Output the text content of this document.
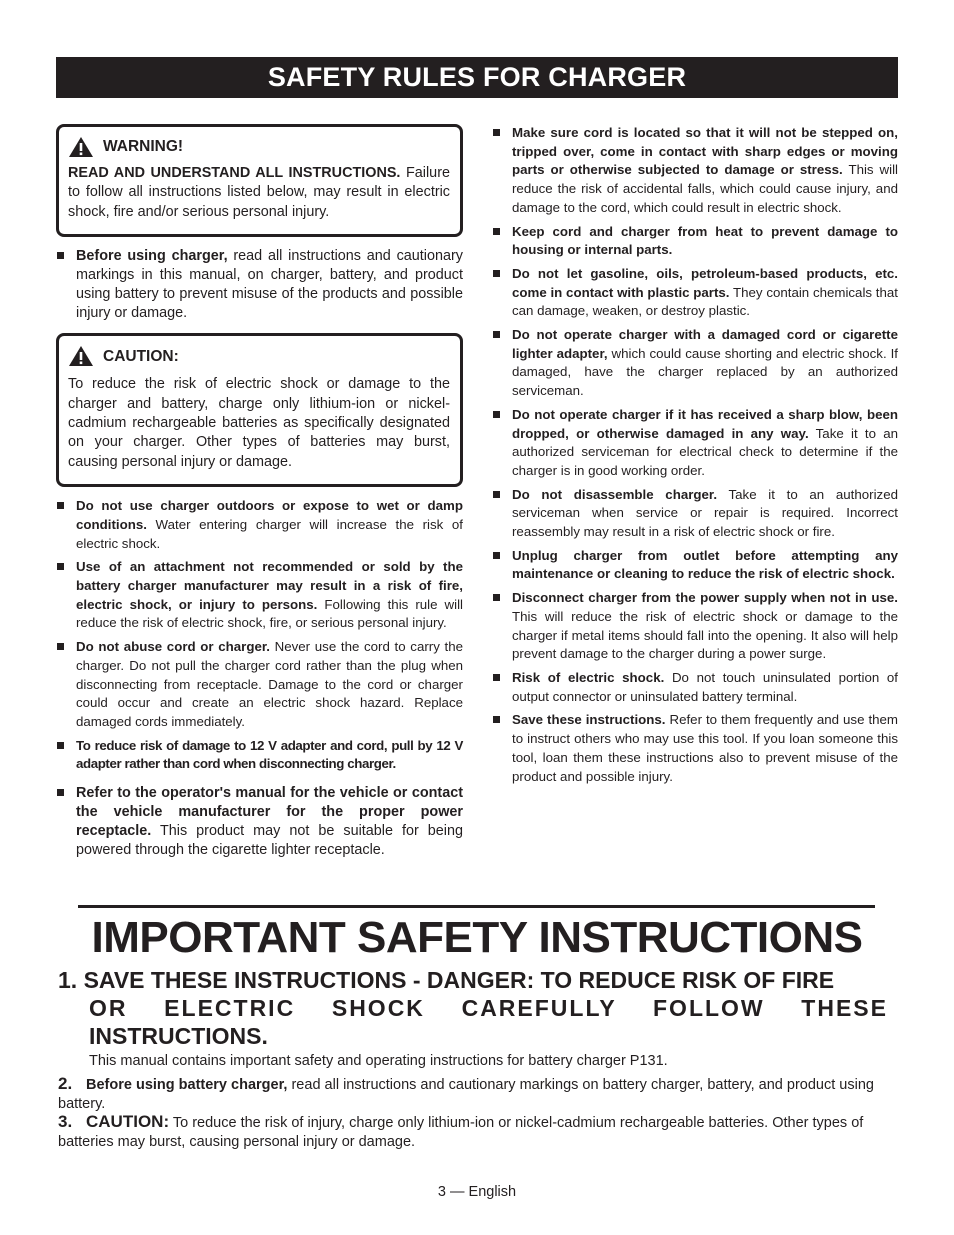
SAFETY RULES FOR CHARGER
WARNING!

READ AND UNDERSTAND ALL INSTRUCTIONS. Failure to follow all instructions listed below, may result in electric shock, fire and/or serious personal injury.

Before using charger, read all instructions and cautionary markings in this manual, on charger, battery, and product using battery to prevent misuse of the products and possible injury or damage.
CAUTION:

To reduce the risk of electric shock or damage to the charger and battery, charge only lithium-ion or nickel-cadmium rechargeable batteries as specifically designated on your charger. Other types of batteries may burst, causing personal injury or damage.

Do not use charger outdoors or expose to wet or damp conditions. Water entering charger will increase the risk of electric shock.
Use of an attachment not recommended or sold by the battery charger manufacturer may result in a risk of fire, electric shock, or injury to persons. Following this rule will reduce the risk of electric shock, fire, or serious personal injury.
Do not abuse cord or charger. Never use the cord to carry the charger. Do not pull the charger cord rather than the plug when disconnecting from receptacle. Damage to the cord or charger could occur and create an electric shock hazard. Replace damaged cords immediately.
To reduce risk of damage to 12 V adapter and cord, pull by 12 V adapter rather than cord when disconnecting charger.
Refer to the operator's manual for the vehicle or contact the vehicle manufacturer for the proper power receptacle. This product may not be suitable for being powered through the cigarette lighter receptacle.
Make sure cord is located so that it will not be stepped on, tripped over, come in contact with sharp edges or moving parts or otherwise subjected to damage or stress. This will reduce the risk of accidental falls, which could cause injury, and damage to the cord, which could result in electric shock.
Keep cord and charger from heat to prevent damage to housing or internal parts.
Do not let gasoline, oils, petroleum-based products, etc. come in contact with plastic parts. They contain chemicals that can damage, weaken, or destroy plastic.
Do not operate charger with a damaged cord or cigarette lighter adapter, which could cause shorting and electric shock. If damaged, have the charger replaced by an authorized serviceman.
Do not operate charger if it has received a sharp blow, been dropped, or otherwise damaged in any way. Take it to an authorized serviceman for electrical check to determine if the charger is in good working order.
Do not disassemble charger. Take it to an authorized serviceman when service or repair is required. Incorrect reassembly may result in a risk of electric shock or fire.
Unplug charger from outlet before attempting any maintenance or cleaning to reduce the risk of electric shock.
Disconnect charger from the power supply when not in use. This will reduce the risk of electric shock or damage to the charger if metal items should fall into the opening. It also will help prevent damage to the charger during a power surge.
Risk of electric shock. Do not touch uninsulated portion of output connector or uninsulated battery terminal.
Save these instructions. Refer to them frequently and use them to instruct others who may use this tool. If you loan someone this tool, loan them these instructions also to prevent misuse of the product and possible injury.
IMPORTANT SAFETY INSTRUCTIONS
1. SAVE THESE INSTRUCTIONS - DANGER: TO REDUCE RISK OF FIRE
OR ELECTRIC SHOCK CAREFULLY FOLLOW THESE
INSTRUCTIONS.
This manual contains important safety and operating instructions for battery charger P131.
2. Before using battery charger, read all instructions and cautionary markings on battery charger, battery, and product using battery.
3. CAUTION: To reduce the risk of injury, charge only lithium-ion or nickel-cadmium rechargeable batteries. Other types of batteries may burst, causing personal injury or damage.
3 — English
